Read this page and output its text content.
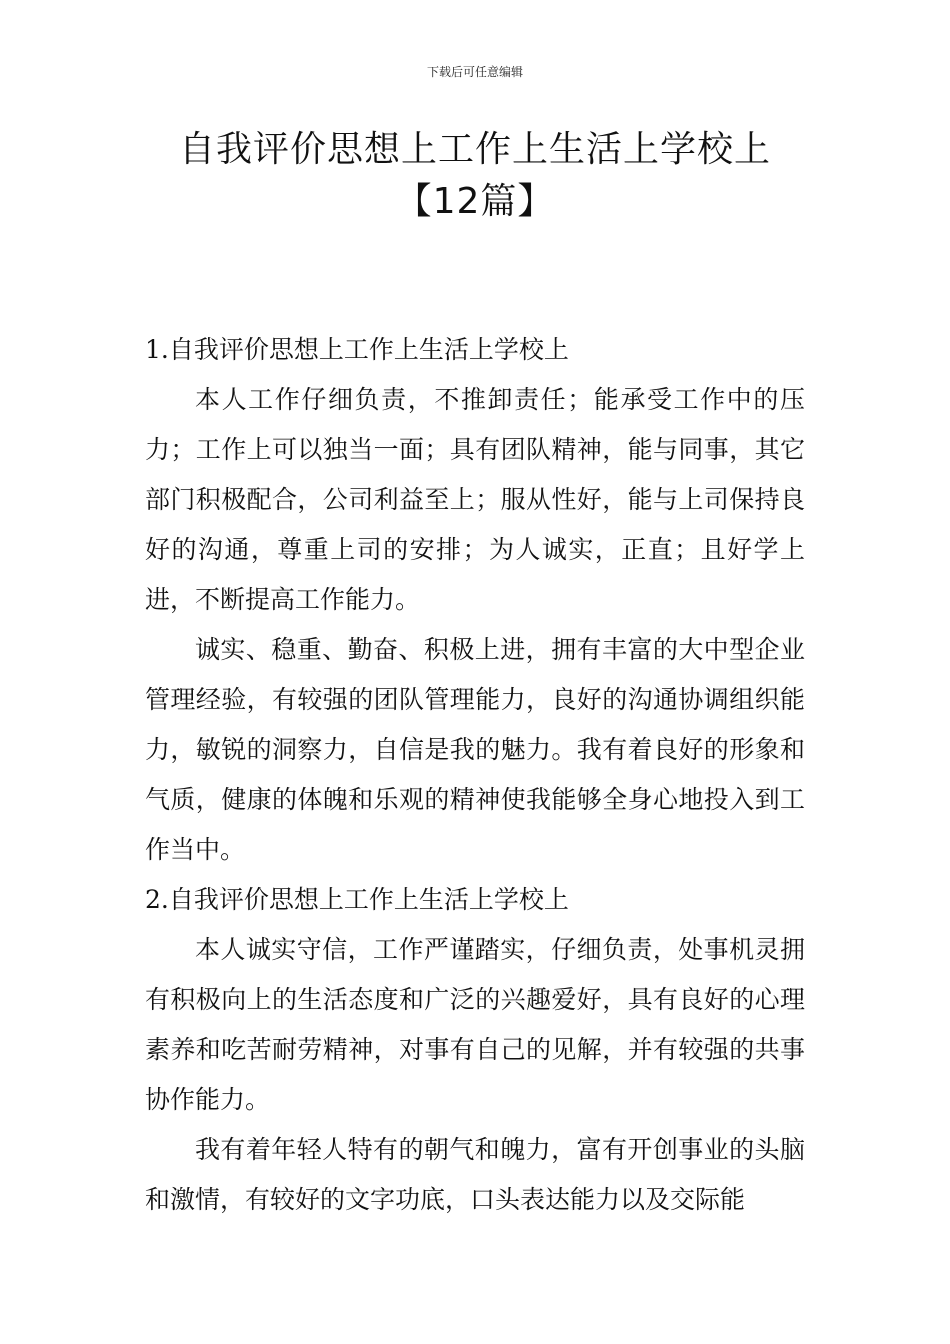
下载后可任意编辑
自我评价思想上工作上生活上学校上【12篇】

1.自我评价思想上工作上生活上学校上

本人工作仔细负责，不推卸责任；能承受工作中的压力；工作上可以独当一面；具有团队精神，能与同事，其它部门积极配合，公司利益至上；服从性好，能与上司保持良好的沟通，尊重上司的安排；为人诚实，正直；且好学上进，不断提高工作能力。

诚实、稳重、勤奋、积极上进，拥有丰富的大中型企业管理经验，有较强的团队管理能力，良好的沟通协调组织能力，敏锐的洞察力，自信是我的魅力。我有着良好的形象和气质，健康的体魄和乐观的精神使我能够全身心地投入到工作当中。

2.自我评价思想上工作上生活上学校上

本人诚实守信，工作严谨踏实，仔细负责，处事机灵拥有积极向上的生活态度和广泛的兴趣爱好，具有良好的心理素养和吃苦耐劳精神，对事有自己的见解，并有较强的共事协作能力。

我有着年轻人特有的朝气和魄力，富有开创事业的头脑和激情，有较好的文字功底，口头表达能力以及交际能
